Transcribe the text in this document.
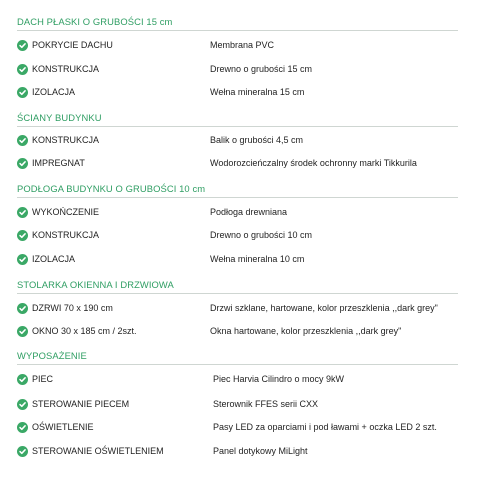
DACH PŁASKI O GRUBOŚCI 15 cm
POKRYCIE DACHU	Membrana PVC
KONSTRUKCJA	Drewno o grubości 15 cm
IZOLACJA	Wełna mineralna 15 cm
ŚCIANY BUDYNKU
KONSTRUKCJA	Balik o grubości 4,5 cm
IMPREGNAT	Wodorozcieńczalny środek ochronny marki Tikkurila
PODŁOGA BUDYNKU O GRUBOŚCI 10 cm
WYKOŃCZENIE	Podłoga drewniana
KONSTRUKCJA	Drewno o grubości 10 cm
IZOLACJA	Wełna mineralna 10 cm
STOLARKA OKIENNA I DRZWIOWA
DZRWI 70 x 190 cm	Drzwi szklane, hartowane, kolor przeszklenia ,,dark grey"
OKNO 30 x 185 cm / 2szt.	Okna hartowane, kolor przeszklenia ,,dark grey"
WYPOSAŻENIE
PIEC	Piec Harvia Cilindro o mocy 9kW
STEROWANIE PIECEM	Sterownik FFES serii CXX
OŚWIETLENIE	Pasy LED za oparciami i pod ławami + oczka LED 2 szt.
STEROWANIE OŚWIETLENIEM	Panel dotykowy MiLight
